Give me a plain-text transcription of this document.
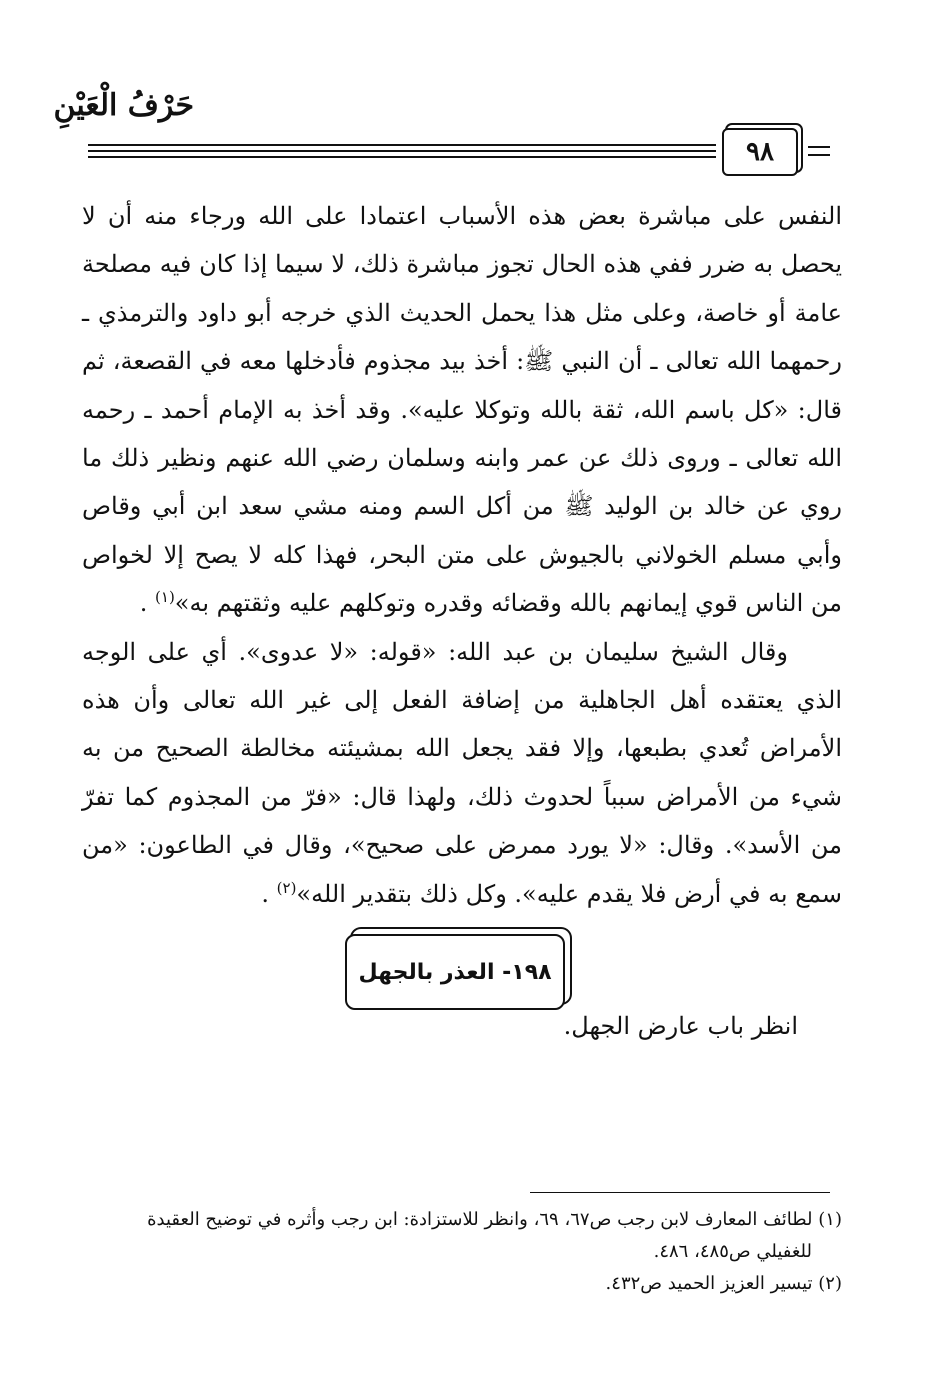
حَرْفُ الْعَيْنِ
٩٨

النفس على مباشرة بعض هذه الأسباب اعتمادا على الله ورجاء منه أن لا يحصل به ضرر ففي هذه الحال تجوز مباشرة ذلك، لا سيما إذا كان فيه مصلحة عامة أو خاصة، وعلى مثل هذا يحمل الحديث الذي خرجه أبو داود والترمذي ـ رحمهما الله تعالى ـ أن النبي ﷺ: أخذ بيد مجذوم فأدخلها معه في القصعة، ثم قال: «كل باسم الله، ثقة بالله وتوكلا عليه». وقد أخذ به الإمام أحمد ـ رحمه الله تعالى ـ وروى ذلك عن عمر وابنه وسلمان رضي الله عنهم ونظير ذلك ما روي عن خالد بن الوليد ﷺ من أكل السم ومنه مشي سعد ابن أبي وقاص وأبي مسلم الخولاني بالجيوش على متن البحر، فهذا كله لا يصح إلا لخواص من الناس قوي إيمانهم بالله وقضائه وقدره وتوكلهم عليه وثقتهم به»$^{(١)}$ .

وقال الشيخ سليمان بن عبد الله: «قوله: «لا عدوى». أي على الوجه الذي يعتقده أهل الجاهلية من إضافة الفعل إلى غير الله تعالى وأن هذه الأمراض تُعدي بطبعها، وإلا فقد يجعل الله بمشيئته مخالطة الصحيح من به شيء من الأمراض سبباً لحدوث ذلك، ولهذا قال: «فرّ من المجذوم كما تفرّ من الأسد». وقال: «لا يورد ممرض على صحيح»، وقال في الطاعون: «من سمع به في أرض فلا يقدم عليه». وكل ذلك بتقدير الله»$^{(٢)}$ .

١٩٨- العذر بالجهل
انظر باب عارض الجهل.

(١) لطائف المعارف لابن رجب ص٦٧، ٦٩، وانظر للاستزادة: ابن رجب وأثره في توضيح العقيدة

للغفيلي ص٤٨٥، ٤٨٦.

(٢) تيسير العزيز الحميد ص٤٣٢.
